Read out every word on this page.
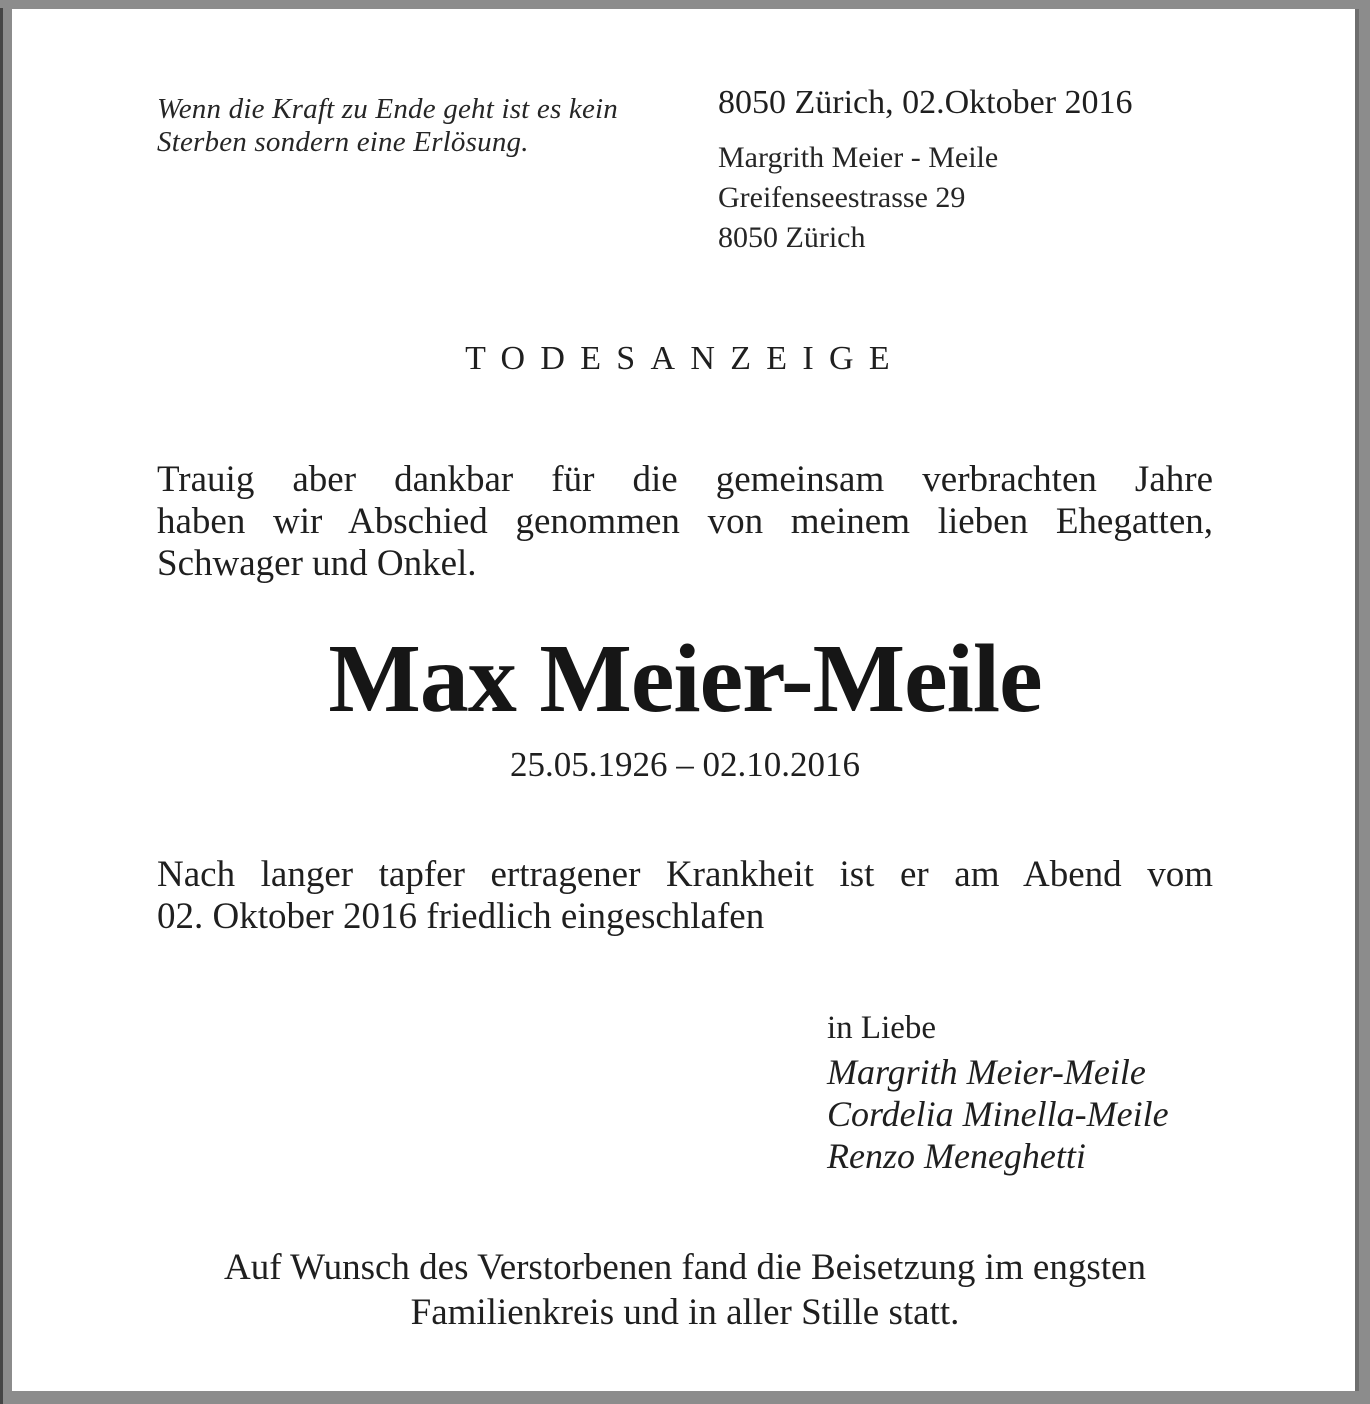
Wenn die Kraft zu Ende geht ist es kein
Sterben sondern eine Erlösung.
8050 Zürich, 02.Oktober 2016
Margrith Meier - Meile
Greifenseestrasse 29
8050 Zürich
TODESANZEIGE
Trauig aber dankbar für die gemeinsam verbrachten Jahre
haben wir Abschied genommen von meinem lieben Ehegatten,
Schwager und Onkel.
Max Meier-Meile
25.05.1926 – 02.10.2016
Nach langer tapfer ertragener Krankheit ist er am Abend vom
02. Oktober 2016 friedlich eingeschlafen
in Liebe
Margrith Meier-Meile
Cordelia Minella-Meile
Renzo Meneghetti
Auf Wunsch des Verstorbenen fand die Beisetzung im engsten
Familienkreis und in aller Stille statt.
